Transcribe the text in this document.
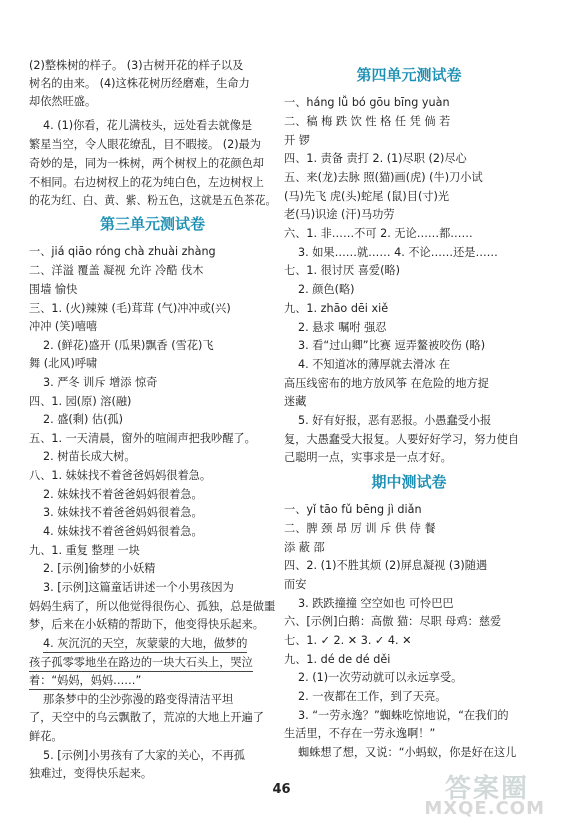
(2)整株树的样子。 (3)古树开花的样子以及
树名的由来。 (4)这株花树历经磨难，生命力
却依然旺盛。
4. (1)你看，花儿满枝头，远处看去就像是
繁星当空，令人眼花缭乱，目不暇接。 (2)最为
奇妙的是，同为一株树，两个树杈上的花颜色却
不相同。右边树杈上的花为纯白色，左边树杈上
的花为红、白、黄、紫、粉五色，这就是五色茶花。
第三单元测试卷
一、jiá qiāo róng chà zhuài zhàng
二、洋溢 覆盖 凝视 允许 冷酷 伐木
围墙 愉快
三、1. (火)辣辣 (毛)茸茸 (气)冲冲或(兴)
冲冲 (笑)嘻嘻
2. (鲜花)盛开 (瓜果)飘香 (雪花)飞
舞 (北风)呼啸
3. 严冬 训斥 增添 惊奇
四、1. 园(原) 溶(融)
2. 盛(剩) 估(孤)
五、1. 一天清晨，窗外的喧闹声把我吵醒了。
2. 树苗长成大树。
八、1. 妹妹找不着爸爸妈妈很着急。
2. 妹妹找不着爸爸妈妈很着急。
3. 妹妹找不着爸爸妈妈很着急。
4. 妹妹找不着爸爸妈妈很着急。
九、1. 重复 整理 一块
2. [示例]偷梦的小妖精
3. [示例]这篇童话讲述一个小男孩因为
妈妈生病了，所以他觉得很伤心、孤独，总是做噩
梦，后来在小妖精的帮助下，他变得快乐起来。
4. 灰沉沉的天空，灰蒙蒙的大地，做梦的
孩子孤零零地坐在路边的一块大石头上，哭泣
着：“妈妈，妈妈……”
那条梦中的尘沙弥漫的路变得清洁平坦
了，天空中的乌云飘散了，荒凉的大地上开遍了
鲜花。
5. [示例]小男孩有了大家的关心，不再孤
独难过，变得快乐起来。
第四单元测试卷
一、háng lǚ bó gōu bīng yuàn
二、稿 梅 跌 饮 性 格 任 凭 倘 若
开 锣
四、1. 责备 责打 2. (1)尽职 (2)尽心
五、来(龙)去脉 照(猫)画(虎) (牛)刀小试
(马)先飞 虎(头)蛇尾 (鼠)目(寸)光
老(马)识途 (汗)马功劳
六、1. 非……不可 2. 无论……都……
3. 如果……就…… 4. 不论……还是……
七、1. 很讨厌 喜爱(略)
2. 颜色(略)
九、1. zhāo dēi xiě
2. 悬求 嘱咐 强忍
3. 看“过山卿”比赛 逗弄鳌被咬伤 (略)
4. 不知道冰的薄厚就去滑冰 在
高压线密布的地方放风筝 在危险的地方捉
迷藏
5. 好有好报，恶有恶报。小愚蠢受小报
复，大愚蠢受大报复。人要好好学习，努力使自
己聪明一点，实事求是一点才好。
期中测试卷
一、yǐ tāo fǔ bēng jì diǎn
二、脾 颈 昂 厉 训 斥 供 侍 餐
添 蔽 邵
四、2. (1)不胜其烦 (2)屏息凝视 (3)随遇
而安
3. 跌跌撞撞 空空如也 可怜巴巴
六、[示例]白鹅：高傲 猫：尽职 母鸡：慈爱
七、1. ✓ 2. ✕ 3. ✓ 4. ✕
九、1. dé de dé děi
2. (1)一次劳动就可以永远享受。
2. 一夜都在工作，到了天亮。
3. “一劳永逸？”蜘蛛吃惊地说，“在我们的
生活里，不存在一劳永逸啊！”
蜘蛛想了想，又说：“小蚂蚁，你是好在这儿
46	答案圈
MXQE.COM
